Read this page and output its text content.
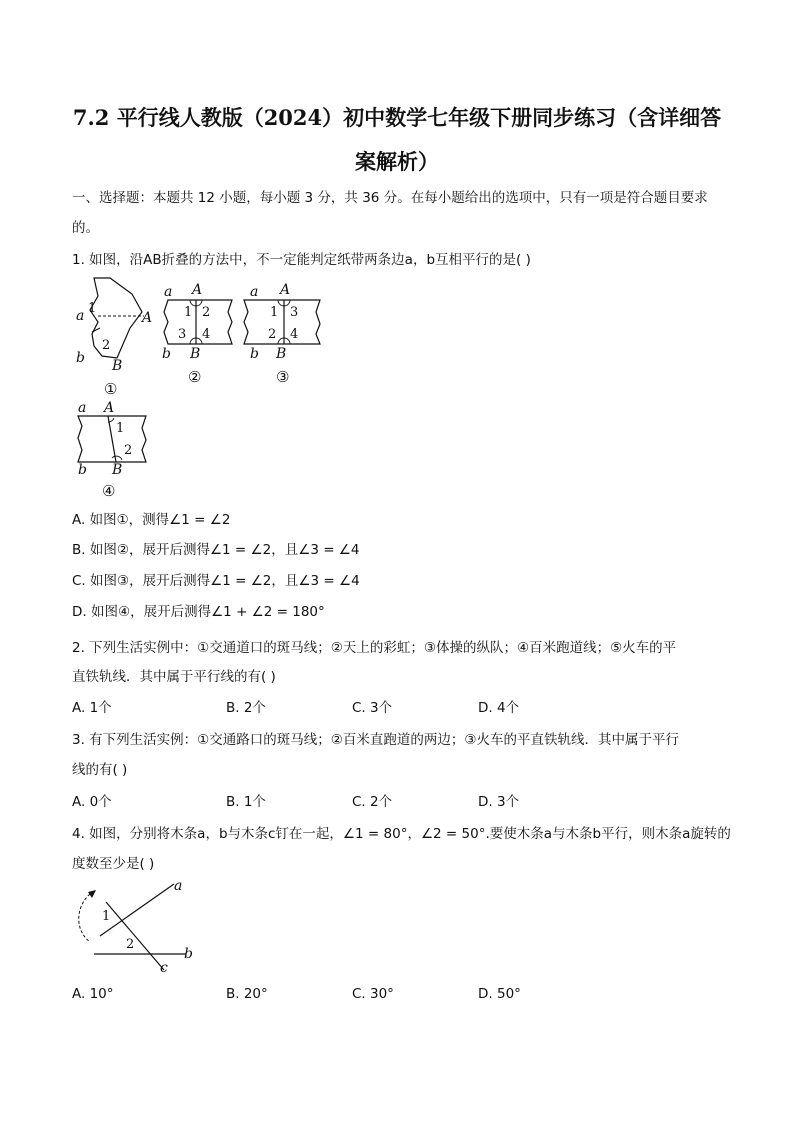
7.2 平行线人教版（2024）初中数学七年级下册同步练习（含详细答
案解析）
一、选择题：本题共 12 小题，每小题 3 分，共 36 分。在每小题给出的选项中，只有一项是符合题目要求
的。
1. 如图，沿AB折叠的方法中，不一定能判定纸带两条边a，b互相平行的是( )
1
a	A
2
b B
①
a A
1 2
3 4
b B
②
a A
1 3
2 4
b B
③
a A
1
2
b B
④
A. 如图①，测得∠1 = ∠2
B. 如图②，展开后测得∠1 = ∠2，且∠3 = ∠4
C. 如图③，展开后测得∠1 = ∠2，且∠3 = ∠4
D. 如图④，展开后测得∠1 + ∠2 = 180°
2. 下列生活实例中：①交通道口的斑马线；②天上的彩虹；③体操的纵队；④百米跑道线；⑤火车的平
直铁轨线．其中属于平行线的有( )
A. 1个	B. 2个	C. 3个	D. 4个
3. 有下列生活实例：①交通路口的斑马线；②百米直跑道的两边；③火车的平直铁轨线．其中属于平行
线的有( )
A. 0个	B. 1个	C. 2个	D. 3个
4. 如图，分别将木条a，b与木条c钉在一起，∠1 = 80°，∠2 = 50°.要使木条a与木条b平行，则木条a旋转的
度数至少是( )
a
1
2
b
c
A. 10°	B. 20°	C. 30°	D. 50°
